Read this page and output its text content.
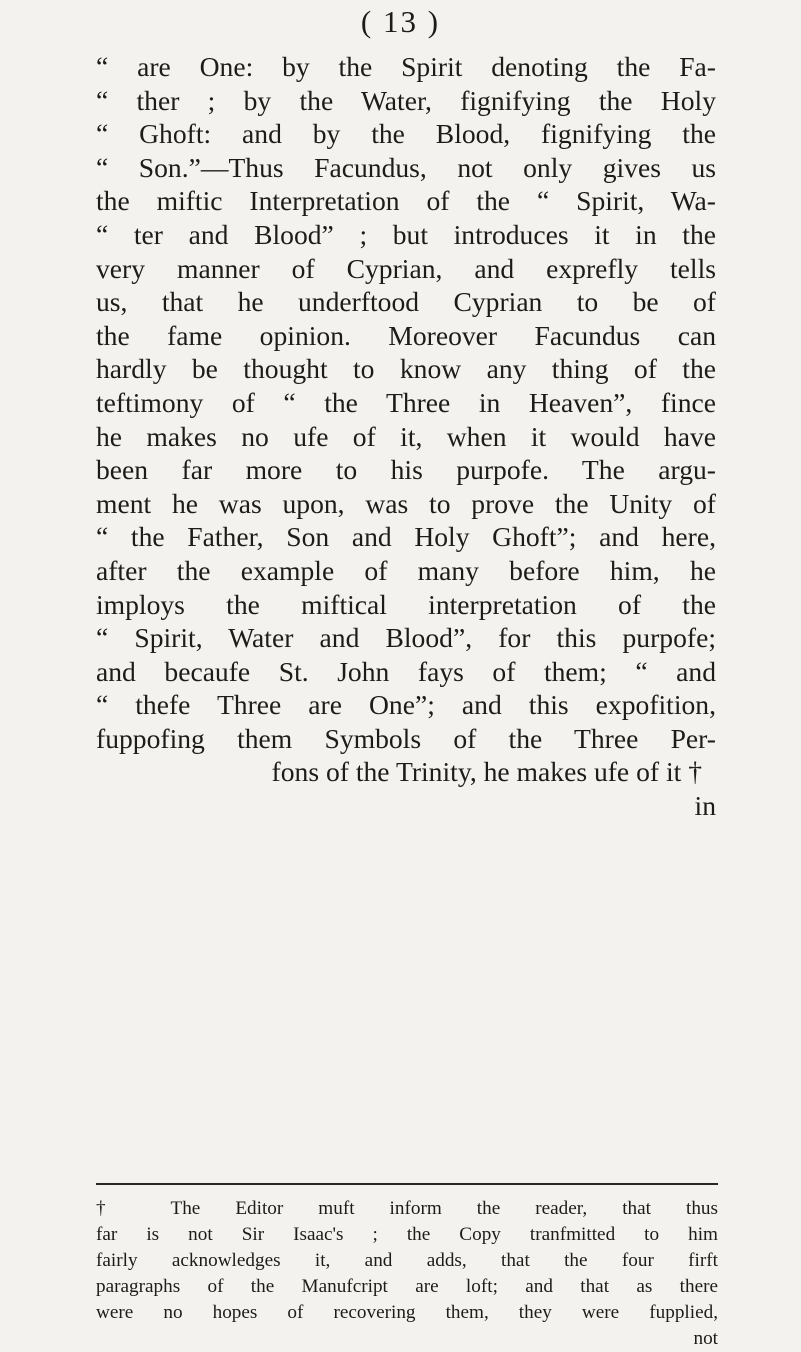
( 13 )
“ are One: by the Spirit denoting the Fa-
“ ther ; by the Water, fignifying the Holy
“ Ghoft: and by the Blood, fignifying the
“ Son.”—Thus Facundus, not only gives us
the miftic Interpretation of the “ Spirit, Wa-
“ ter and Blood” ; but introduces it in the
very manner of Cyprian, and exprefly tells
us, that he underftood Cyprian to be of
the fame opinion. Moreover Facundus can
hardly be thought to know any thing of the
teftimony of “ the Three in Heaven”, fince
he makes no ufe of it, when it would have
been far more to his purpofe. The argu-
ment he was upon, was to prove the Unity of
“ the Father, Son and Holy Ghoft”; and here,
after the example of many before him, he
imploys the miftical interpretation of the
“ Spirit, Water and Blood”, for this purpofe;
and becaufe St. John fays of them; “ and
“ thefe Three are One”; and this expofition,
fuppofing them Symbols of the Three Per-
fons of the Trinity, he makes ufe of it †
in
† The Editor muft inform the reader, that thus
far is not Sir Isaac's ; the Copy tranfmitted to him
fairly acknowledges it, and adds, that the four firft
paragraphs of the Manufcript are loft; and that as there
were no hopes of recovering them, they were fupplied,
not
